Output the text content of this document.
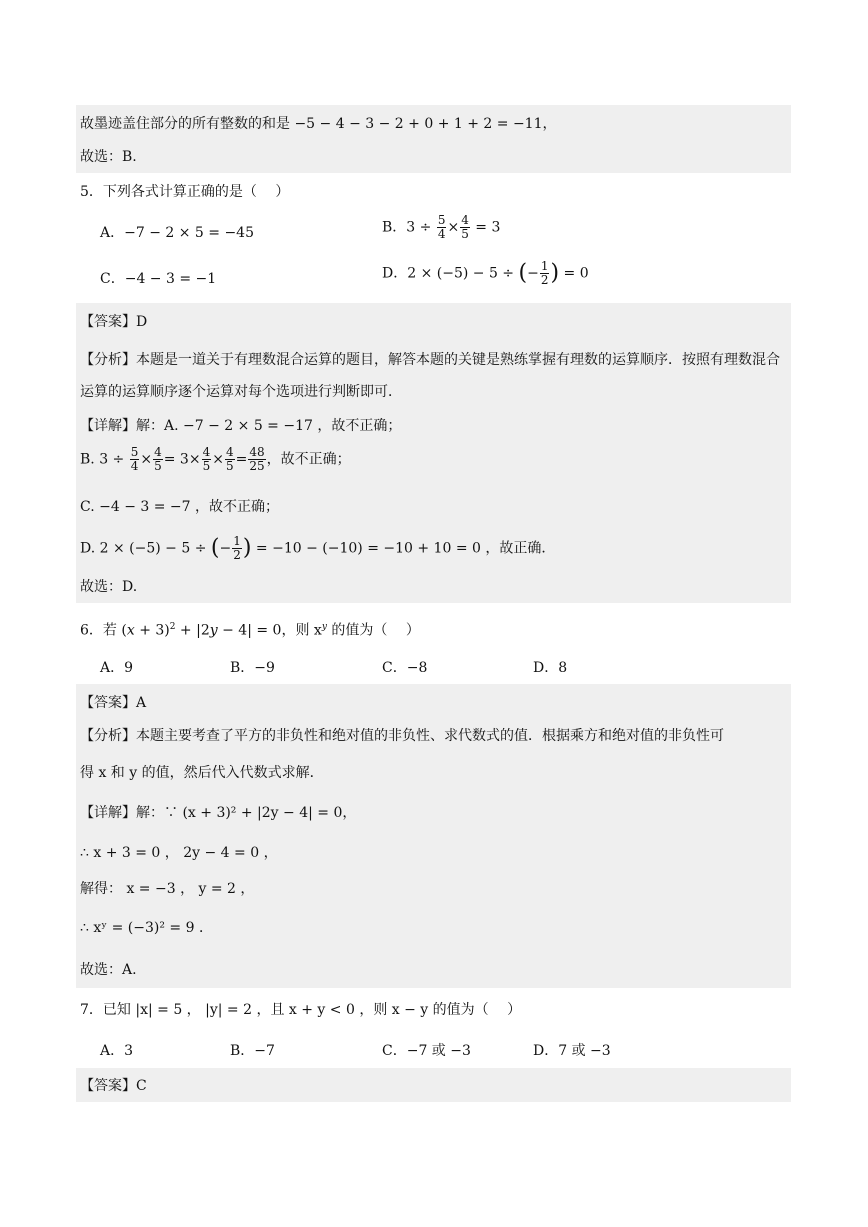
故墨迹盖住部分的所有整数的和是 −5 − 4 − 3 − 2 + 0 + 1 + 2 = −11，
故选：B.
5．下列各式计算正确的是（　 ）
A．−7 − 2 × 5 = −45	B．$3 \div \frac{5}{4} \times \frac{4}{5} = 3$
C．−4 − 3 = −1	D．2 × (−5) − 5 ÷ (− $\frac{1}{2}$ ) = 0
【答案】D
【分析】本题是一道关于有理数混合运算的题目，解答本题的关键是熟练掌握有理数的运算顺序．按照有理数混合运算的运算顺序逐个运算对每个选项进行判断即可．
【详解】解：A. −7 − 2 × 5 = −17 ，故不正确；
B. $3 \div \frac{5}{4} \times \frac{4}{5} = 3\times \frac{4}{5} \times \frac{4}{5} = \frac{48}{25}$ ，故不正确；
C. −4 − 3 = −7 ，故不正确；
D. 2 × (−5) − 5 ÷ (− $\frac{1}{2}$ ) = −10 − (−10) = −10 + 10 = 0 ，故正确．
故选：D.
6．若 $(x + 3)^2 + |2y - 4| = 0$，则 $x^y$ 的值为（　 ）
A．9	B．−9	C．−8	D．8
【答案】A
【分析】本题主要考查了平方的非负性和绝对值的非负性、求代数式的值．根据乘方和绝对值的非负性可
得 x 和 y 的值，然后代入代数式求解．
【详解】解：∵ (x + 3)² + |2y − 4| = 0，
∴ x + 3 = 0 ， 2y − 4 = 0 ，
解得： x = −3 ， y = 2 ，
∴ xʸ = (−3)² = 9 ．
故选：A.
7．已知 |x| = 5 ， |y| = 2 ，且 x + y < 0 ，则 x − y 的值为（　 ）
A．3	B．−7	C．−7 或 −3	D．7 或 −3
【答案】C
